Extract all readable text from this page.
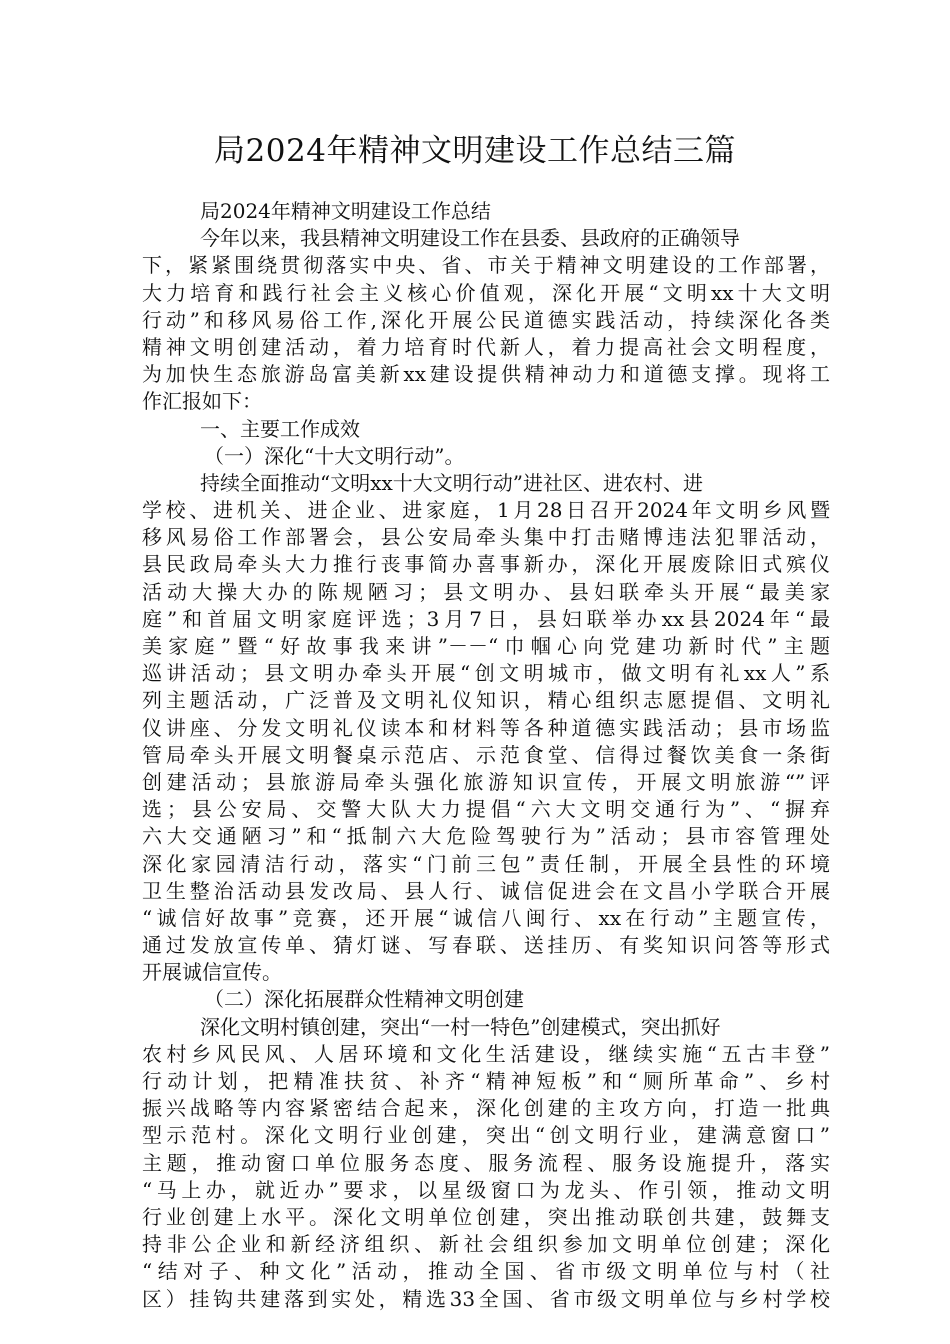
局2024年精神文明建设工作总结三篇
局2024年精神文明建设工作总结
今年以来，我县精神文明建设工作在县委、县政府的正确领导
下，紧紧围绕贯彻落实中央、省、市关于精神文明建设的工作部署，
大力培育和践行社会主义核心价值观，深化开展“文明xx十大文明
行动”和移风易俗工作,深化开展公民道德实践活动，持续深化各类
精神文明创建活动，着力培育时代新人，着力提高社会文明程度，
为加快生态旅游岛富美新xx建设提供精神动力和道德支撑。现将工
作汇报如下：
一、主要工作成效
（一）深化“十大文明行动”。
持续全面推动“文明xx十大文明行动”进社区、进农村、进
学校、进机关、进企业、进家庭，1月28日召开2024年文明乡风暨
移风易俗工作部署会，县公安局牵头集中打击赌博违法犯罪活动，
县民政局牵头大力推行丧事简办喜事新办，深化开展废除旧式殡仪
活动大操大办的陈规陋习；县文明办、县妇联牵头开展“最美家
庭”和首届文明家庭评选；3月7日，县妇联举办xx县2024年“最
美家庭”暨“好故事我来讲”－－“巾帼心向党建功新时代”主题
巡讲活动；县文明办牵头开展“创文明城市，做文明有礼xx人”系
列主题活动，广泛普及文明礼仪知识，精心组织志愿提倡、文明礼
仪讲座、分发文明礼仪读本和材料等各种道德实践活动；县市场监
管局牵头开展文明餐桌示范店、示范食堂、信得过餐饮美食一条街
创建活动；县旅游局牵头强化旅游知识宣传，开展文明旅游“”评
选；县公安局、交警大队大力提倡“六大文明交通行为”、“摒弃
六大交通陋习”和“抵制六大危险驾驶行为”活动；县市容管理处
深化家园清洁行动，落实“门前三包”责任制，开展全县性的环境
卫生整治活动县发改局、县人行、诚信促进会在文昌小学联合开展
“诚信好故事”竞赛，还开展“诚信八闽行、xx在行动”主题宣传，
通过发放宣传单、猜灯谜、写春联、送挂历、有奖知识问答等形式
开展诚信宣传。
（二）深化拓展群众性精神文明创建
深化文明村镇创建，突出“一村一特色”创建模式，突出抓好
农村乡风民风、人居环境和文化生活建设，继续实施“五古丰登”
行动计划，把精准扶贫、补齐“精神短板”和“厕所革命”、乡村
振兴战略等内容紧密结合起来，深化创建的主攻方向，打造一批典
型示范村。深化文明行业创建，突出“创文明行业，建满意窗口”
主题，推动窗口单位服务态度、服务流程、服务设施提升，落实
“马上办，就近办”要求，以星级窗口为龙头、作引领，推动文明
行业创建上水平。深化文明单位创建，突出推动联创共建，鼓舞支
持非公企业和新经济组织、新社会组织参加文明单位创建；深化
“结对子、种文化”活动，推动全国、省市级文明单位与村（社
区）挂钩共建落到实处，精选33全国、省市级文明单位与乡村学校
